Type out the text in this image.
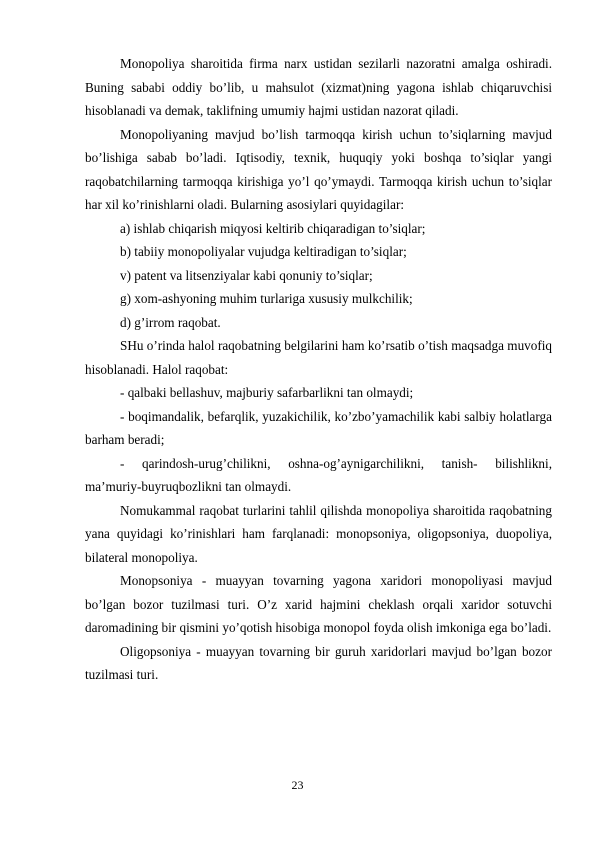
Monopoliya sharoitida firma narx ustidan sezilarli nazoratni amalga oshiradi. Buning sababi oddiy bo’lib, u mahsulot (xizmat)ning yagona ishlab chiqaruvchisi hisoblanadi va demak, taklifning umumiy hajmi ustidan nazorat qiladi.

Monopoliyaning mavjud bo’lish tarmoqqa kirish uchun to’siqlarning mavjud bo’lishiga sabab bo’ladi. Iqtisodiy, texnik, huquqiy yoki boshqa to’siqlar yangi raqobatchilarning tarmoqqa kirishiga yo’l qo’ymaydi. Tarmoqqa kirish uchun to’siqlar har xil ko’rinishlarni oladi. Bularning asosiylari quyidagilar:

a) ishlab chiqarish miqyosi keltirib chiqaradigan to’siqlar;

b) tabiiy monopoliyalar vujudga keltiradigan to’siqlar;

v) patent va litsenziyalar kabi qonuniy to’siqlar;

g) xom-ashyoning muhim turlariga xususiy mulkchilik;

d) g’irrom raqobat.

SHu o’rinda halol raqobatning belgilarini ham ko’rsatib o’tish maqsadga muvofiq hisoblanadi. Halol raqobat:

- qalbaki bellashuv, majburiy safarbarlikni tan olmaydi;

- boqimandalik, befarqlik, yuzakichilik, ko’zbo’yamachilik kabi salbiy holatlarga barham beradi;

- qarindosh-urug’chilikni, oshna-og’aynigarchilikni, tanish- bilishlikni, ma’muriy-buyruqbozlikni tan olmaydi.

Nomukammal raqobat turlarini tahlil qilishda monopoliya sharoitida raqobatning yana quyidagi ko’rinishlari ham farqlanadi: monopsoniya, oligopsoniya, duopoliya, bilateral monopoliya.

Monopsoniya - muayyan tovarning yagona xaridori monopoliyasi mavjud bo’lgan bozor tuzilmasi turi. O’z xarid hajmini cheklash orqali xaridor sotuvchi daromadining bir qismini yo’qotish hisobiga monopol foyda olish imkoniga ega bo’ladi.

Oligopsoniya - muayyan tovarning bir guruh xaridorlari mavjud bo’lgan bozor tuzilmasi turi.

23
